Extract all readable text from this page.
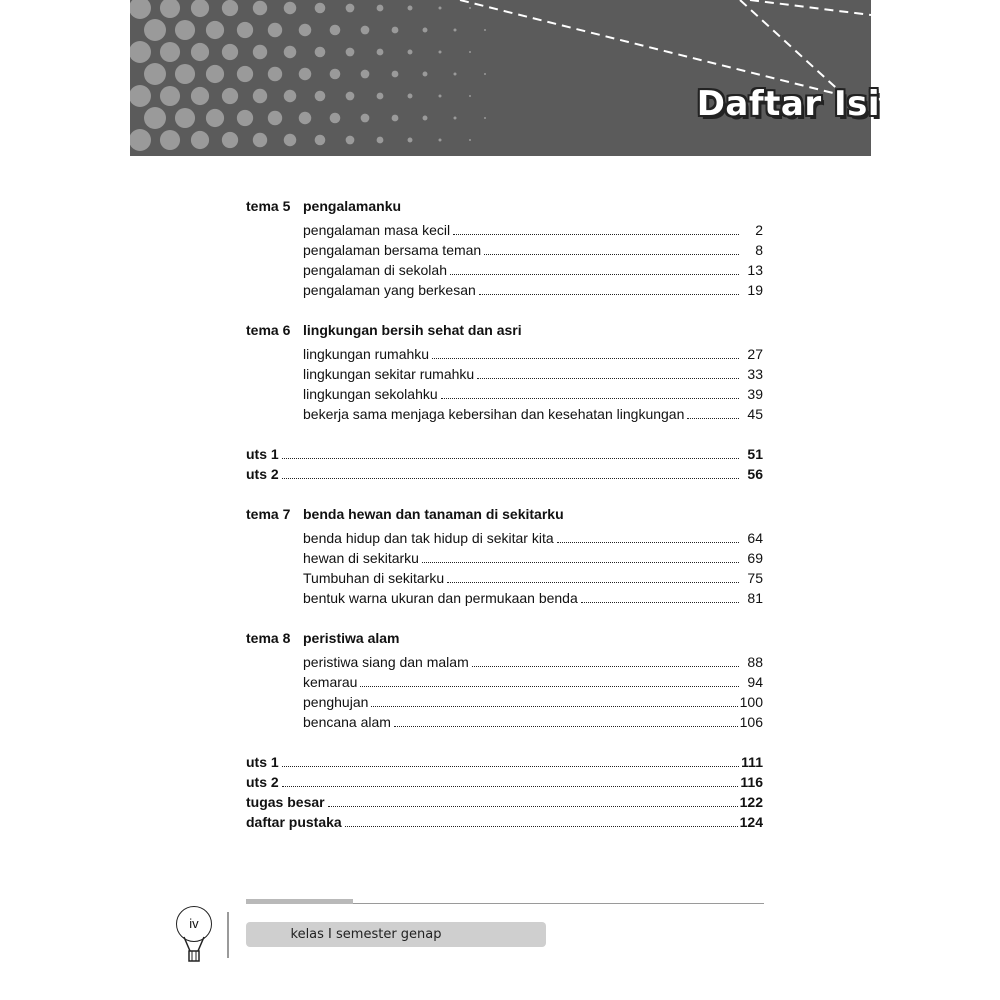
Daftar Isi
tema 5 pengalamanku
pengalaman masa kecil	2
pengalaman bersama teman	8
pengalaman di sekolah	13
pengalaman yang berkesan	19
tema 6 lingkungan bersih sehat dan asri
lingkungan rumahku	27
lingkungan sekitar rumahku	33
lingkungan sekolahku	39
bekerja sama menjaga kebersihan dan kesehatan lingkungan	45
uts 1	51
uts 2	56
tema 7 benda hewan dan tanaman di sekitarku
benda hidup dan tak hidup di sekitar kita	64
hewan di sekitarku	69
Tumbuhan di sekitarku	75
bentuk warna ukuran dan permukaan benda	81
tema 8 peristiwa alam
peristiwa siang dan malam	88
kemarau	94
penghujan	100
bencana alam	106
uts 1	111
uts 2	116
tugas besar	122
daftar pustaka	124
iv
kelas I semester genap
